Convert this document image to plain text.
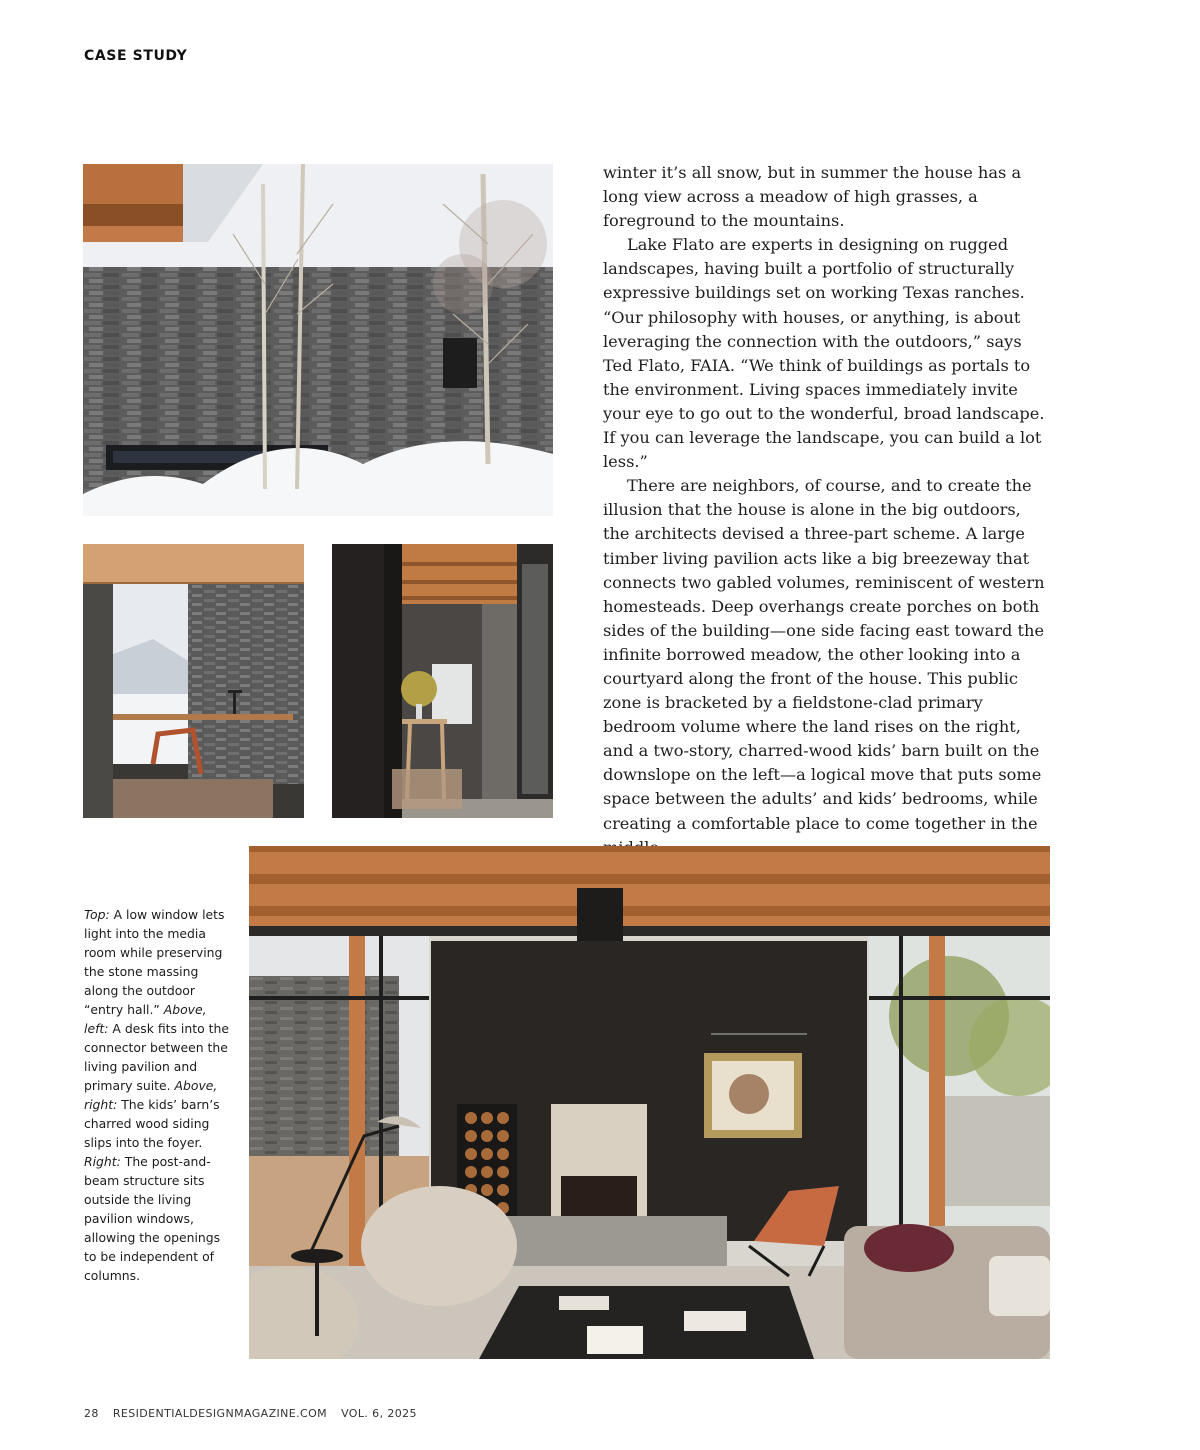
CASE STUDY

winter it’s all snow, but in summer the house has a long view across a meadow of high grasses, a foreground to the mountains.

Lake Flato are experts in designing on rugged landscapes, having built a portfolio of structurally expressive buildings set on working Texas ranches. “Our philosophy with houses, or anything, is about leveraging the connection with the outdoors,” says Ted Flato, FAIA. “We think of buildings as portals to the environment. Living spaces immediately invite your eye to go out to the wonderful, broad landscape. If you can leverage the landscape, you can build a lot less.”

There are neighbors, of course, and to create the illusion that the house is alone in the big outdoors, the architects devised a three-part scheme. A large timber living pavilion acts like a big breezeway that connects two gabled volumes, reminiscent of western homesteads. Deep overhangs create porches on both sides of the building—one side facing east toward the infinite borrowed meadow, the other looking into a courtyard along the front of the house. This public zone is bracketed by a fieldstone-clad primary bedroom volume where the land rises on the right, and a two-story, charred-wood kids’ barn built on the downslope on the left—a logical move that puts some space between the adults’ and kids’ bedrooms, while creating a comfortable place to come together in the

Top: A low window lets light into the media room while preserving the stone massing along the outdoor “entry hall.” Above, left: A desk fits into the connector between the living pavilion and primary suite. Above, right: The kids’ barn’s charred wood siding slips into the foyer. Right: The post-and-beam structure sits outside the living pavilion windows, allowing the openings to be independent of columns.
28 RESIDENTIALDESIGNMAGAZINE.COM VOL. 6, 2025
